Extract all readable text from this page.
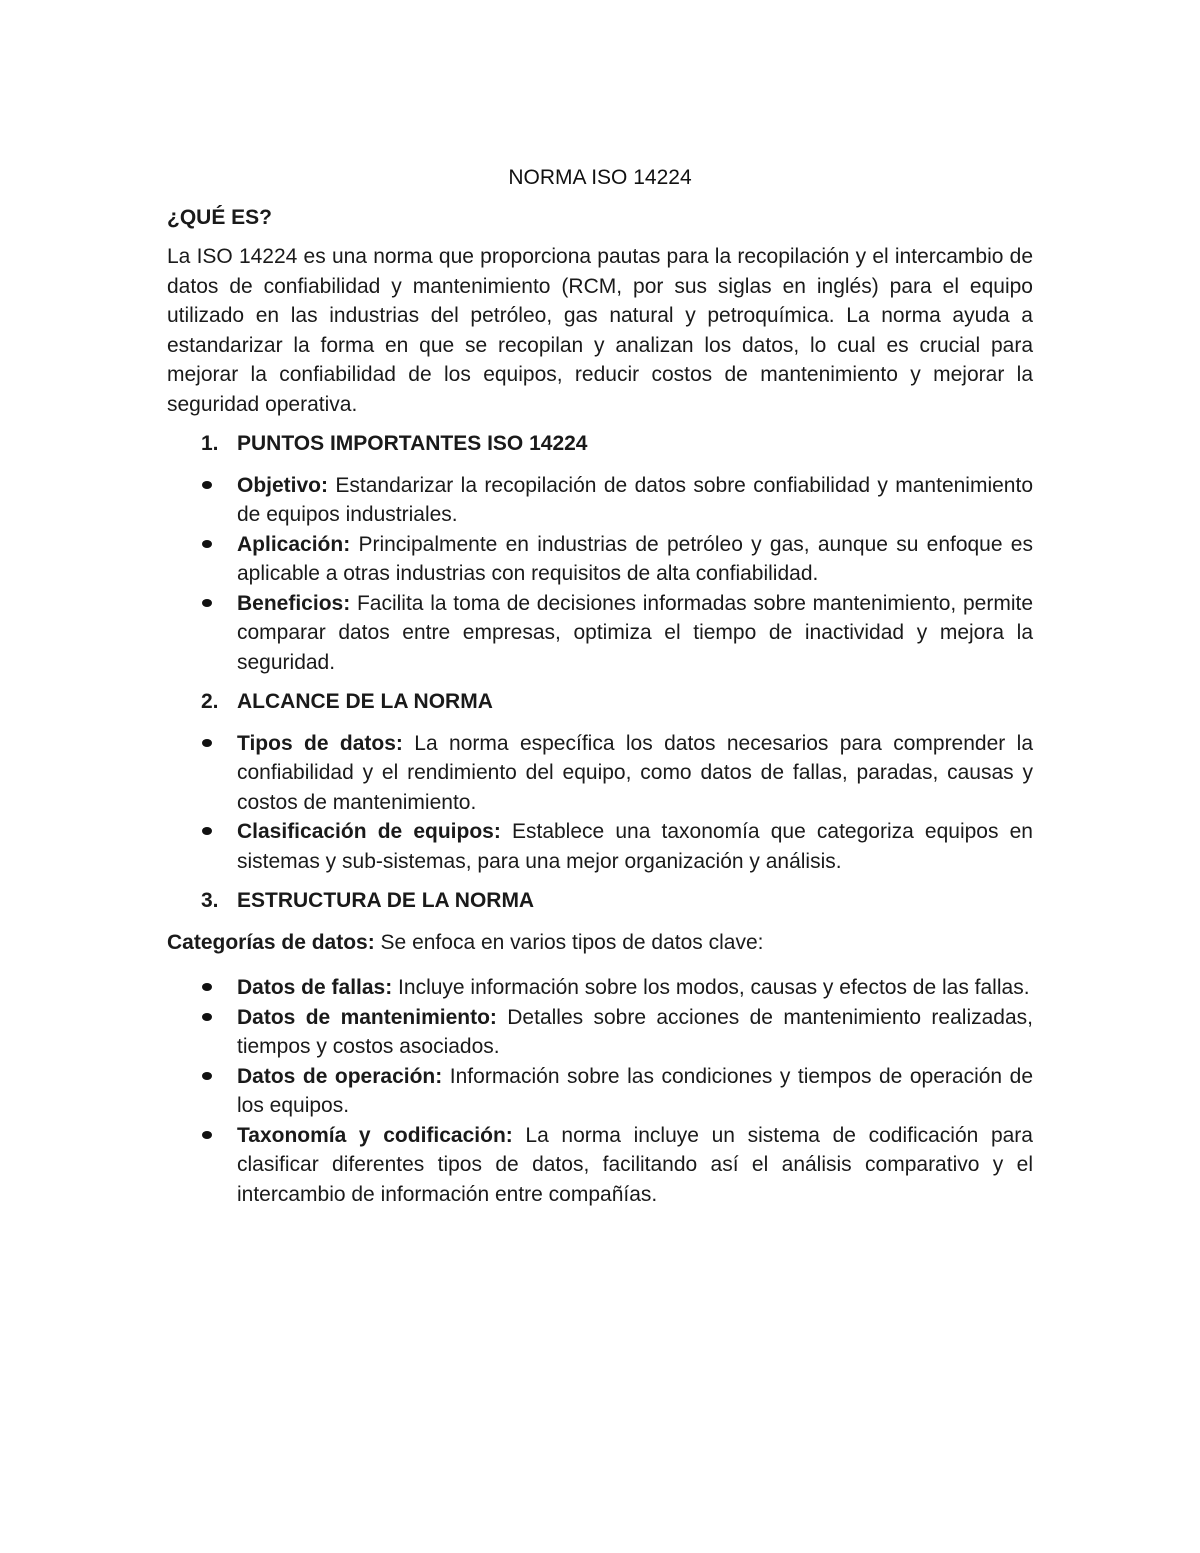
NORMA ISO 14224
¿QUÉ ES?
La ISO 14224 es una norma que proporciona pautas para la recopilación y el intercambio de datos de confiabilidad y mantenimiento (RCM, por sus siglas en inglés) para el equipo utilizado en las industrias del petróleo, gas natural y petroquímica. La norma ayuda a estandarizar la forma en que se recopilan y analizan los datos, lo cual es crucial para mejorar la confiabilidad de los equipos, reducir costos de mantenimiento y mejorar la seguridad operativa.
1. PUNTOS IMPORTANTES ISO 14224
Objetivo: Estandarizar la recopilación de datos sobre confiabilidad y mantenimiento de equipos industriales.
Aplicación: Principalmente en industrias de petróleo y gas, aunque su enfoque es aplicable a otras industrias con requisitos de alta confiabilidad.
Beneficios: Facilita la toma de decisiones informadas sobre mantenimiento, permite comparar datos entre empresas, optimiza el tiempo de inactividad y mejora la seguridad.
2. ALCANCE DE LA NORMA
Tipos de datos: La norma específica los datos necesarios para comprender la confiabilidad y el rendimiento del equipo, como datos de fallas, paradas, causas y costos de mantenimiento.
Clasificación de equipos: Establece una taxonomía que categoriza equipos en sistemas y sub-sistemas, para una mejor organización y análisis.
3. ESTRUCTURA DE LA NORMA
Categorías de datos: Se enfoca en varios tipos de datos clave:
Datos de fallas: Incluye información sobre los modos, causas y efectos de las fallas.
Datos de mantenimiento: Detalles sobre acciones de mantenimiento realizadas, tiempos y costos asociados.
Datos de operación: Información sobre las condiciones y tiempos de operación de los equipos.
Taxonomía y codificación: La norma incluye un sistema de codificación para clasificar diferentes tipos de datos, facilitando así el análisis comparativo y el intercambio de información entre compañías.
